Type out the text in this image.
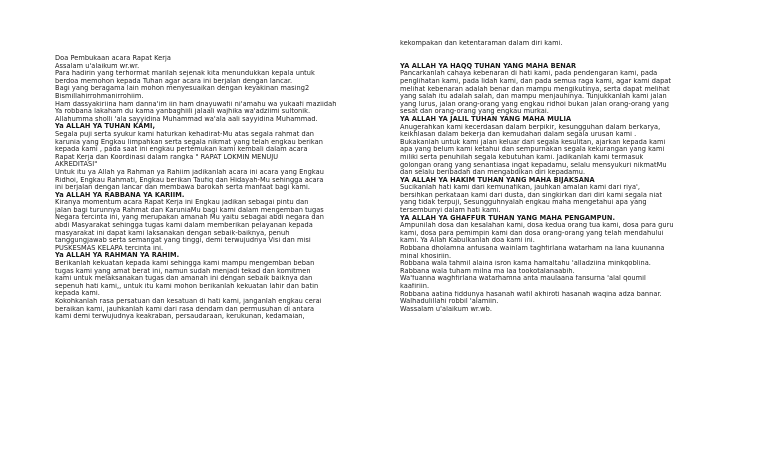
Doa Pembukaan acara Rapat Kerja
Assalam u'alaikum wr.wr.
Para hadirin yang terhormat marilah sejenak kita menundukkan kepala untuk
berdoa memohon kepada Tuhan agar acara ini berjalan dengan lancar.
Bagi yang beragama lain mohon menyesuaikan dengan keyakinan masing2
Bismillahirrohmanirrohiim.
Ham dassyakiriina ham danna'im iin ham dnayuwafii ni'amahu wa yukaafi maziidah
Ya robbana lakaham du kama yanbaghiili jalaali wajhika wa'adziimi sultonik.
Allahumma sholli 'ala sayyidina Muhammad wa'ala aali sayyidina Muhammad.
Ya ALLAH YA TUHAN KAMI,
Segala puji serta syukur kami haturkan kehadirat-Mu atas segala rahmat dan
karunia yang Engkau limpahkan serta segala nikmat yang telah engkau berikan
kepada kami , pada saat ini engkau pertemukan kami kembali dalam acara
Rapat Kerja dan Koordinasi dalam rangka " RAPAT LOKMIN MENUJU
AKREDITASI"
Untuk itu ya Allah ya Rahman ya Rahiim jadikanlah acara ini acara yang Engkau
Ridhoi, Engkau Rahmati, Engkau berikan Taufiq dan Hidayah-Mu sehingga acara
ini berjalan dengan lancar dan membawa barokah serta manfaat bagi kami.
Ya ALLAH YA RABBANA YA KARIIM.
Kiranya momentum acara Rapat Kerja ini Engkau jadikan sebagai pintu dan
jalan bagi turunnya Rahmat dan KaruniaMu bagi kami dalam mengemban tugas
Negara tercinta ini, yang merupakan amanah Mu yaitu sebagai abdi negara dan
abdi Masyarakat sehingga tugas kami dalam memberikan pelayanan kepada
masyarakat ini dapat kami laksanakan dengan sebaik-baiknya, penuh
tanggungjawab serta semangat yang tinggi, demi terwujudnya Visi dan misi
PUSKESMAS KELAPA tercinta ini.
Ya ALLAH YA RAHMAN YA RAHIM.
Berikanlah kekuatan kepada kami sehingga kami mampu mengemban beban
tugas kami yang amat berat ini, namun sudah menjadi tekad dan komitmen
kami untuk melaksanakan tugas dan amanah ini dengan sebaik baiknya dan
sepenuh hati kami,, untuk itu kami mohon berikanlah kekuatan lahir dan batin
kepada kami.
Kokohkanlah rasa persatuan dan kesatuan di hati kami, janganlah engkau cerai
beraikan kami, jauhkanlah kami dari rasa dendam dan permusuhan di antara
kami demi terwujudnya keakraban, persaudaraan, kerukunan, kedamaian,
kekompakan dan ketentaraman dalam diri kami.
YA ALLAH YA HAQQ TUHAN YANG MAHA BENAR
Pancarkanlah cahaya kebenaran di hati kami, pada pendengaran kami, pada
penglihatan kami, pada lidah kami, dan pada semua raga kami, agar kami dapat
melihat kebenaran adalah benar dan mampu mengikutinya, serta dapat melihat
yang salah itu adalah salah, dan mampu menjauhinya. Tunjukkanlah kami jalan
yang lurus, jalan orang-orang yang engkau ridhoi bukan jalan orang-orang yang
sesat dan orang-orang yang engkau murkai.
YA ALLAH YA JALIL TUHAN YANG MAHA MULIA
Anugerahkan kami kecerdasan dalam berpikir, kesungguhan dalam berkarya,
keikhlasan dalam bekerja dan kemudahan dalam segala urusan kami .
Bukakanlah untuk kami jalan keluar dari segala kesulitan, ajarkan kepada kami
apa yang belum kami ketahui dan sempurnakan segala kekurangan yang kami
miliki serta penuhilah segala kebutuhan kami. Jadikanlah kami termasuk
golongan orang yang senantiasa ingat kepadamu, selalu mensyukuri nikmatMu
dan selalu beribadah dan mengabdikan diri kepadamu.
YA ALLAH YA HAKIM TUHAN YANG MAHA BIJAKSANA
Sucikanlah hati kami dari kemunafikan, jauhkan amalan kami dari riya',
bersihkan perkataan kami dari dusta, dan singkirkan dari diri kami segala niat
yang tidak terpuji, Sesungguhnyalah engkau maha mengetahui apa yang
tersembunyi dalam hati kami.
YA ALLAH YA GHAFFUR TUHAN YANG MAHA PENGAMPUN.
Ampunilah dosa dan kesalahan kami, dosa kedua orang tua kami, dosa para guru
kami, dosa para pemimpin kami dan dosa orang-orang yang telah mendahului
kami. Ya Allah Kabulkanlah doa kami ini.
Robbana dholamna anfusana wainlam taghfirlana watarham na lana kuunanna
minal khosiriin.
Robbana wala tahmil alaina isron kama hamaltahu 'alladziina minkqoblina.
Rabbana wala tuham milna ma laa tookotalanaabih.
Wa'fuanna waghfirlana watarhamna anta maulaana fansurna 'alal qoumil
kaafiriin.
Robbana aatina fiddunya hasanah wafil akhiroti hasanah waqina adza bannar.
Walhadulillahi robbil 'alamiin.
Wassalam u'alaikum wr.wb.
